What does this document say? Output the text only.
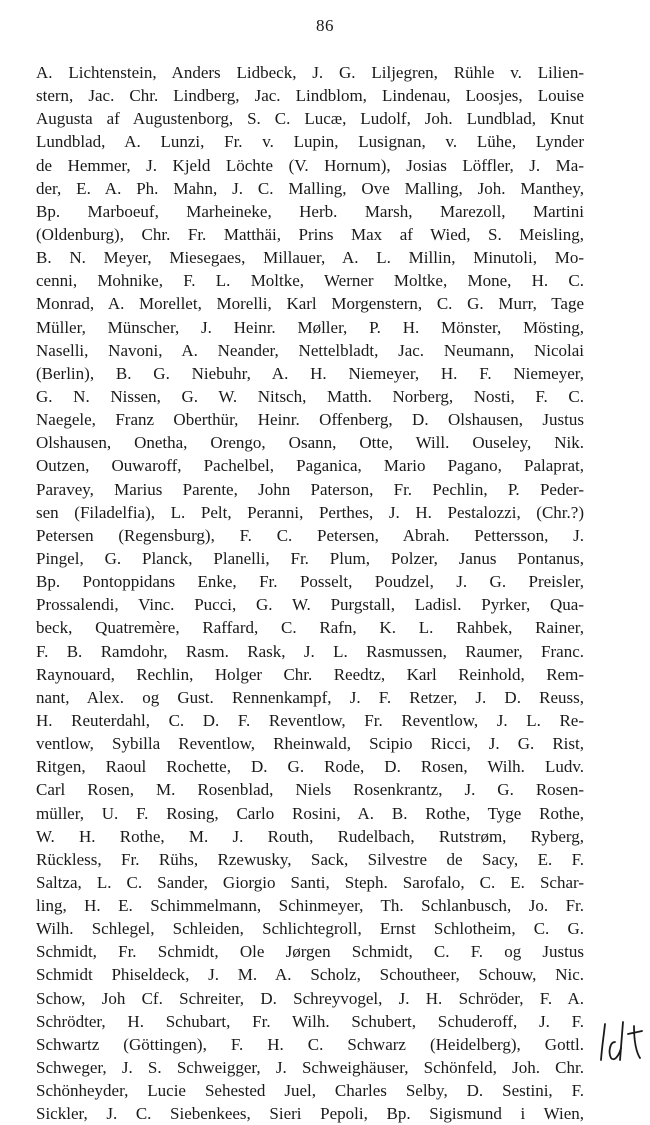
86
A. Lichtenstein, Anders Lidbeck, J. G. Liljegren, Rühle v. Lilien-
stern, Jac. Chr. Lindberg, Jac. Lindblom, Lindenau, Loosjes, Louise
Augusta af Augustenborg, S. C. Lucæ, Ludolf, Joh. Lundblad, Knut
Lundblad, A. Lunzi, Fr. v. Lupin, Lusignan, v. Lühe, Lynder
de Hemmer, J. Kjeld Löchte (V. Hornum), Josias Löffler, J. Ma-
der, E. A. Ph. Mahn, J. C. Malling, Ove Malling, Joh. Manthey,
Bp. Marboeuf, Marheineke, Herb. Marsh, Marezoll, Martini
(Oldenburg), Chr. Fr. Matthäi, Prins Max af Wied, S. Meisling,
B. N. Meyer, Miesegaes, Millauer, A. L. Millin, Minutoli, Mo-
cenni, Mohnike, F. L. Moltke, Werner Moltke, Mone, H. C.
Monrad, A. Morellet, Morelli, Karl Morgenstern, C. G. Murr, Tage
Müller, Münscher, J. Heinr. Møller, P. H. Mönster, Mösting,
Naselli, Navoni, A. Neander, Nettelbladt, Jac. Neumann, Nicolai
(Berlin), B. G. Niebuhr, A. H. Niemeyer, H. F. Niemeyer,
G. N. Nissen, G. W. Nitsch, Matth. Norberg, Nosti, F. C.
Naegele, Franz Oberthür, Heinr. Offenberg, D. Olshausen, Justus
Olshausen, Onetha, Orengo, Osann, Otte, Will. Ouseley, Nik.
Outzen, Ouwaroff, Pachelbel, Paganica, Mario Pagano, Palaprat,
Paravey, Marius Parente, John Paterson, Fr. Pechlin, P. Peder-
sen (Filadelfia), L. Pelt, Peranni, Perthes, J. H. Pestalozzi, (Chr.?)
Petersen (Regensburg), F. C. Petersen, Abrah. Pettersson, J.
Pingel, G. Planck, Planelli, Fr. Plum, Polzer, Janus Pontanus,
Bp. Pontoppidans Enke, Fr. Posselt, Poudzel, J. G. Preisler,
Prossalendi, Vinc. Pucci, G. W. Purgstall, Ladisl. Pyrker, Qua-
beck, Quatremère, Raffard, C. Rafn, K. L. Rahbek, Rainer,
F. B. Ramdohr, Rasm. Rask, J. L. Rasmussen, Raumer, Franc.
Raynouard, Rechlin, Holger Chr. Reedtz, Karl Reinhold, Rem-
nant, Alex. og Gust. Rennenkampf, J. F. Retzer, J. D. Reuss,
H. Reuterdahl, C. D. F. Reventlow, Fr. Reventlow, J. L. Re-
ventlow, Sybilla Reventlow, Rheinwald, Scipio Ricci, J. G. Rist,
Ritgen, Raoul Rochette, D. G. Rode, D. Rosen, Wilh. Ludv.
Carl Rosen, M. Rosenblad, Niels Rosenkrantz, J. G. Rosen-
müller, U. F. Rosing, Carlo Rosini, A. B. Rothe, Tyge Rothe,
W. H. Rothe, M. J. Routh, Rudelbach, Rutstrøm, Ryberg,
Rückless, Fr. Rühs, Rzewusky, Sack, Silvestre de Sacy, E. F.
Saltza, L. C. Sander, Giorgio Santi, Steph. Sarofalo, C. E. Schar-
ling, H. E. Schimmelmann, Schinmeyer, Th. Schlanbusch, Jo. Fr.
Wilh. Schlegel, Schleiden, Schlichtegroll, Ernst Schlotheim, C. G.
Schmidt, Fr. Schmidt, Ole Jørgen Schmidt, C. F. og Justus
Schmidt Phiseldeck, J. M. A. Scholz, Schoutheer, Schouw, Nic.
Schow, Joh Cf. Schreiter, D. Schreyvogel, J. H. Schröder, F. A.
Schrödter, H. Schubart, Fr. Wilh. Schubert, Schuderoff, J. F.
Schwartz (Göttingen), F. H. C. Schwarz (Heidelberg), Gottl.
Schweger, J. S. Schweigger, J. Schweighäuser, Schönfeld, Joh. Chr.
Schönheyder, Lucie Sehested Juel, Charles Selby, D. Sestini, F.
Sickler, J. C. Siebenkees, Sieri Pepoli, Bp. Sigismund i Wien,
